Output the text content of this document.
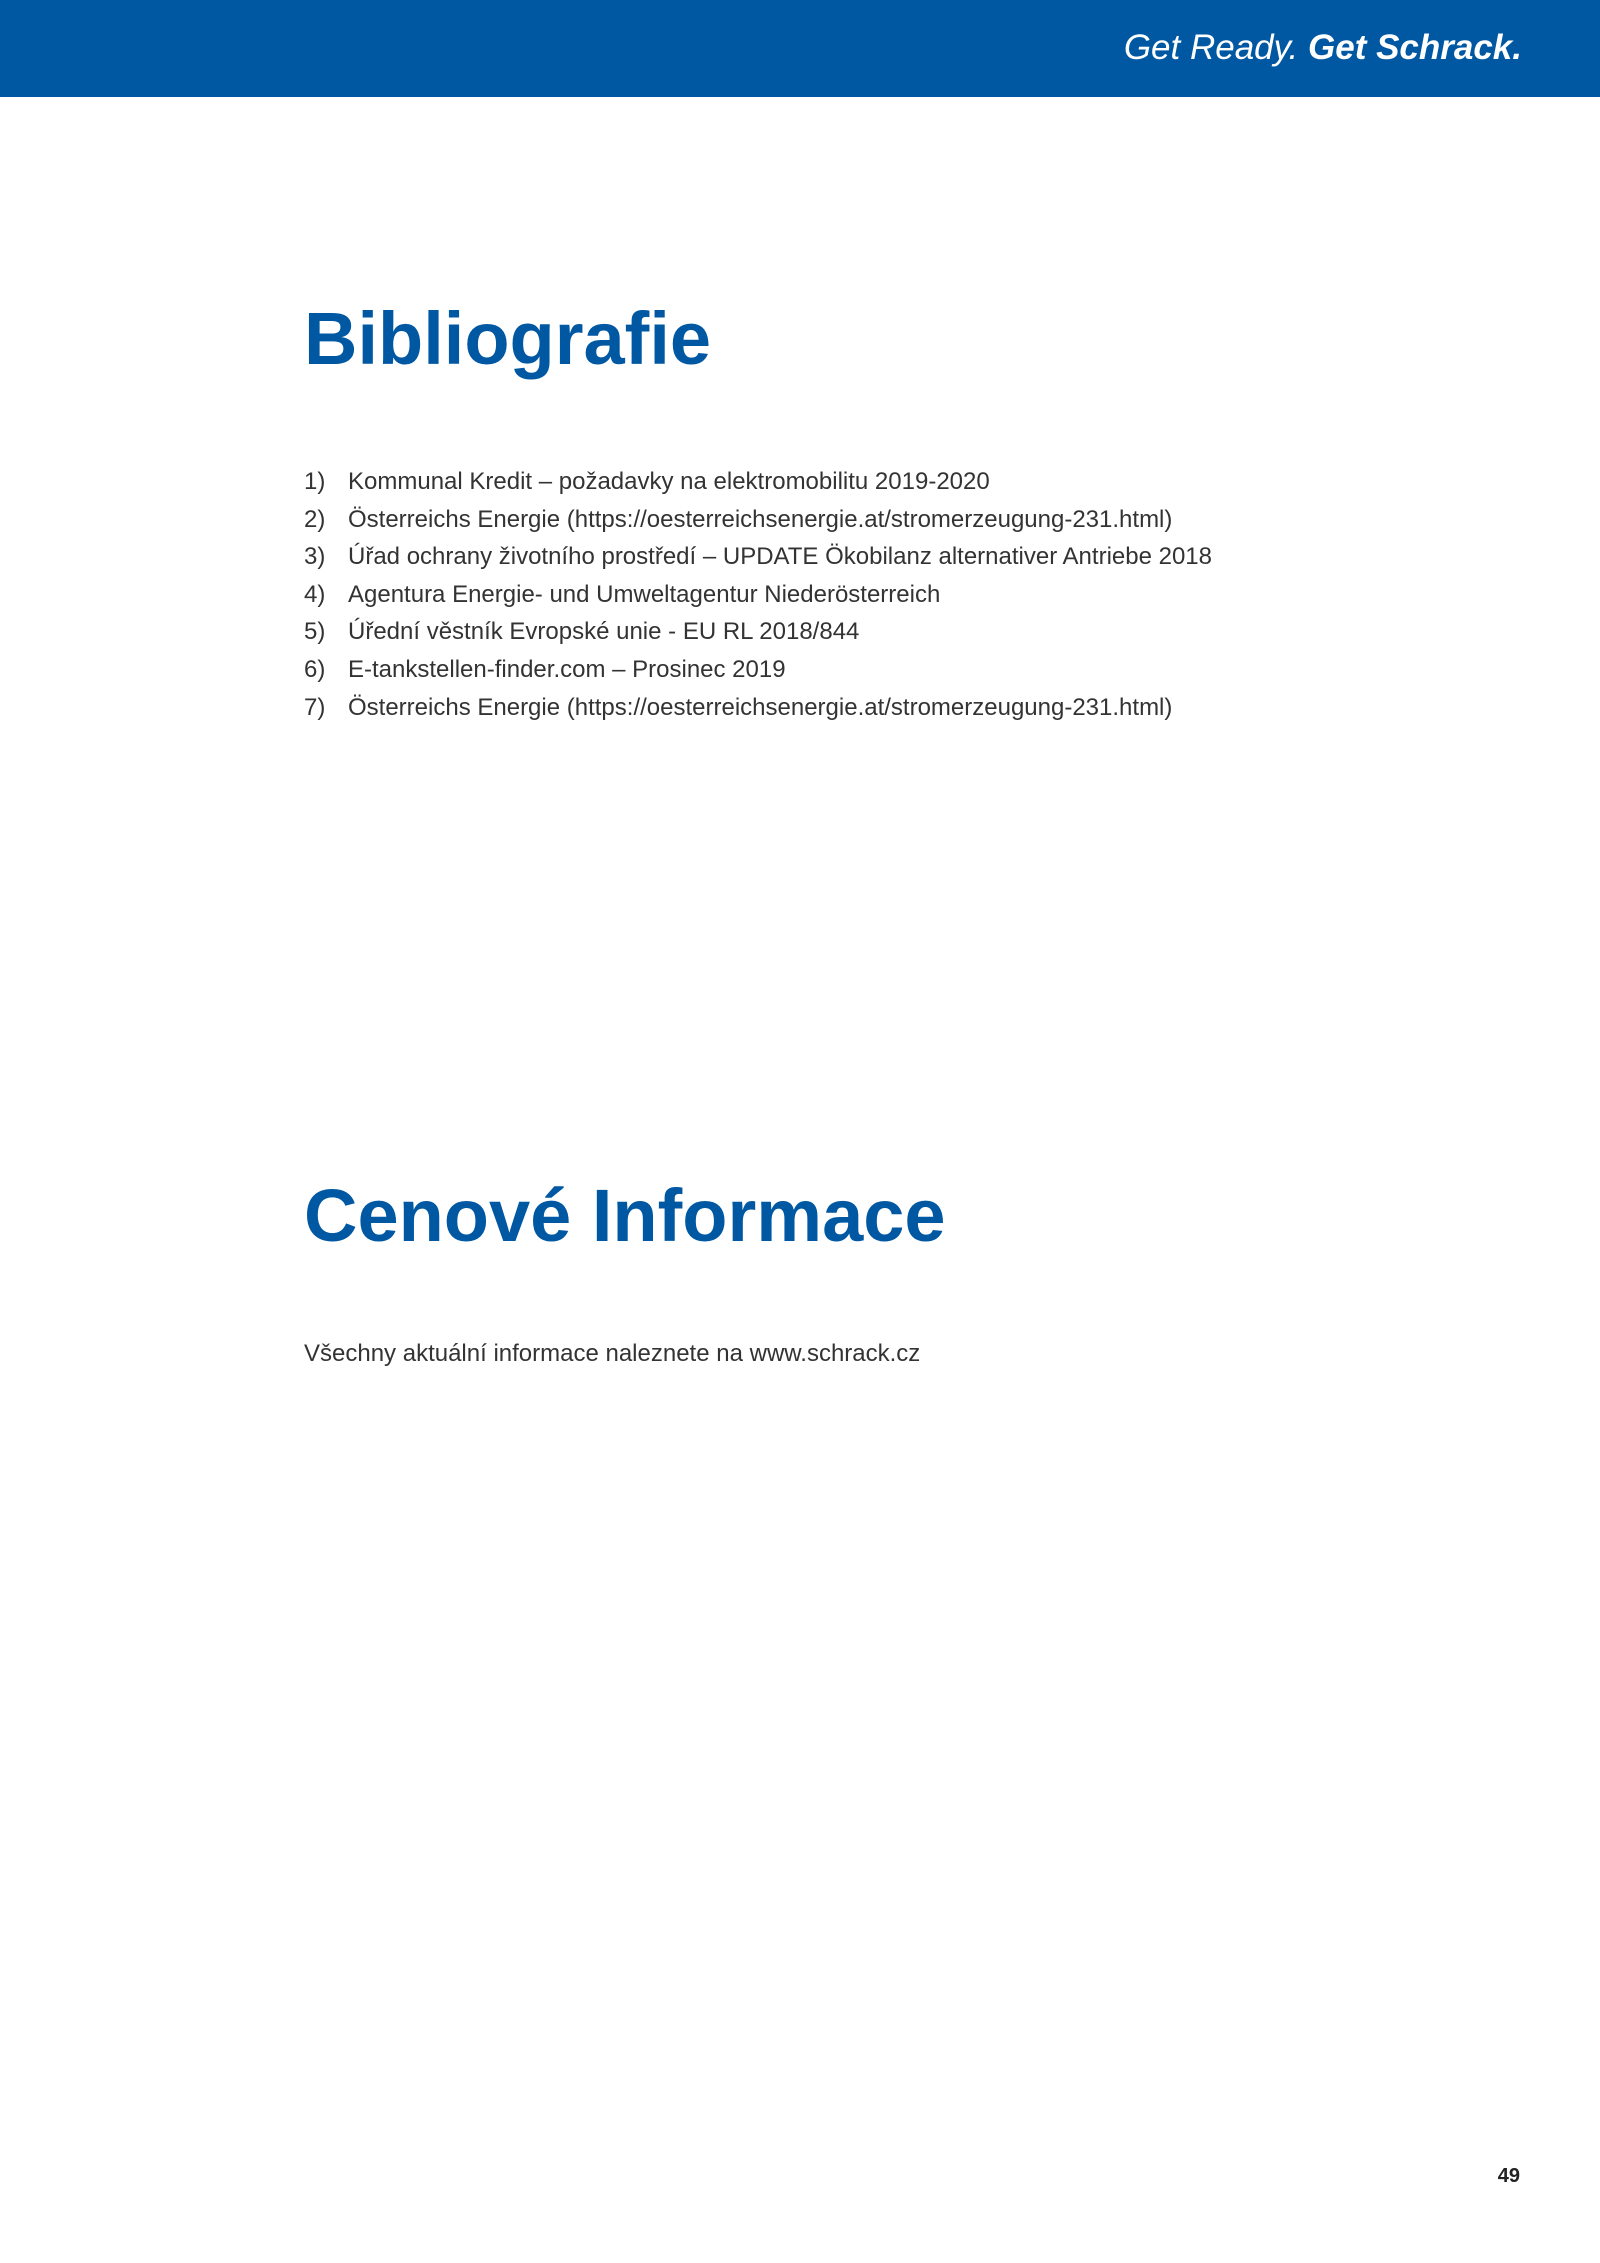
Get Ready. Get Schrack.
Bibliografie
1) Kommunal Kredit – požadavky na elektromobilitu 2019-2020
2) Österreichs Energie (https://oesterreichsenergie.at/stromerzeugung-231.html)
3) Úřad ochrany životního prostředí – UPDATE Ökobilanz alternativer Antriebe 2018
4) Agentura Energie- und Umweltagentur Niederösterreich
5) Úřední věstník Evropské unie - EU RL 2018/844
6) E-tankstellen-finder.com – Prosinec 2019
7) Österreichs Energie (https://oesterreichsenergie.at/stromerzeugung-231.html)
Cenové Informace

Všechny aktuální informace naleznete na www.schrack.cz

49
